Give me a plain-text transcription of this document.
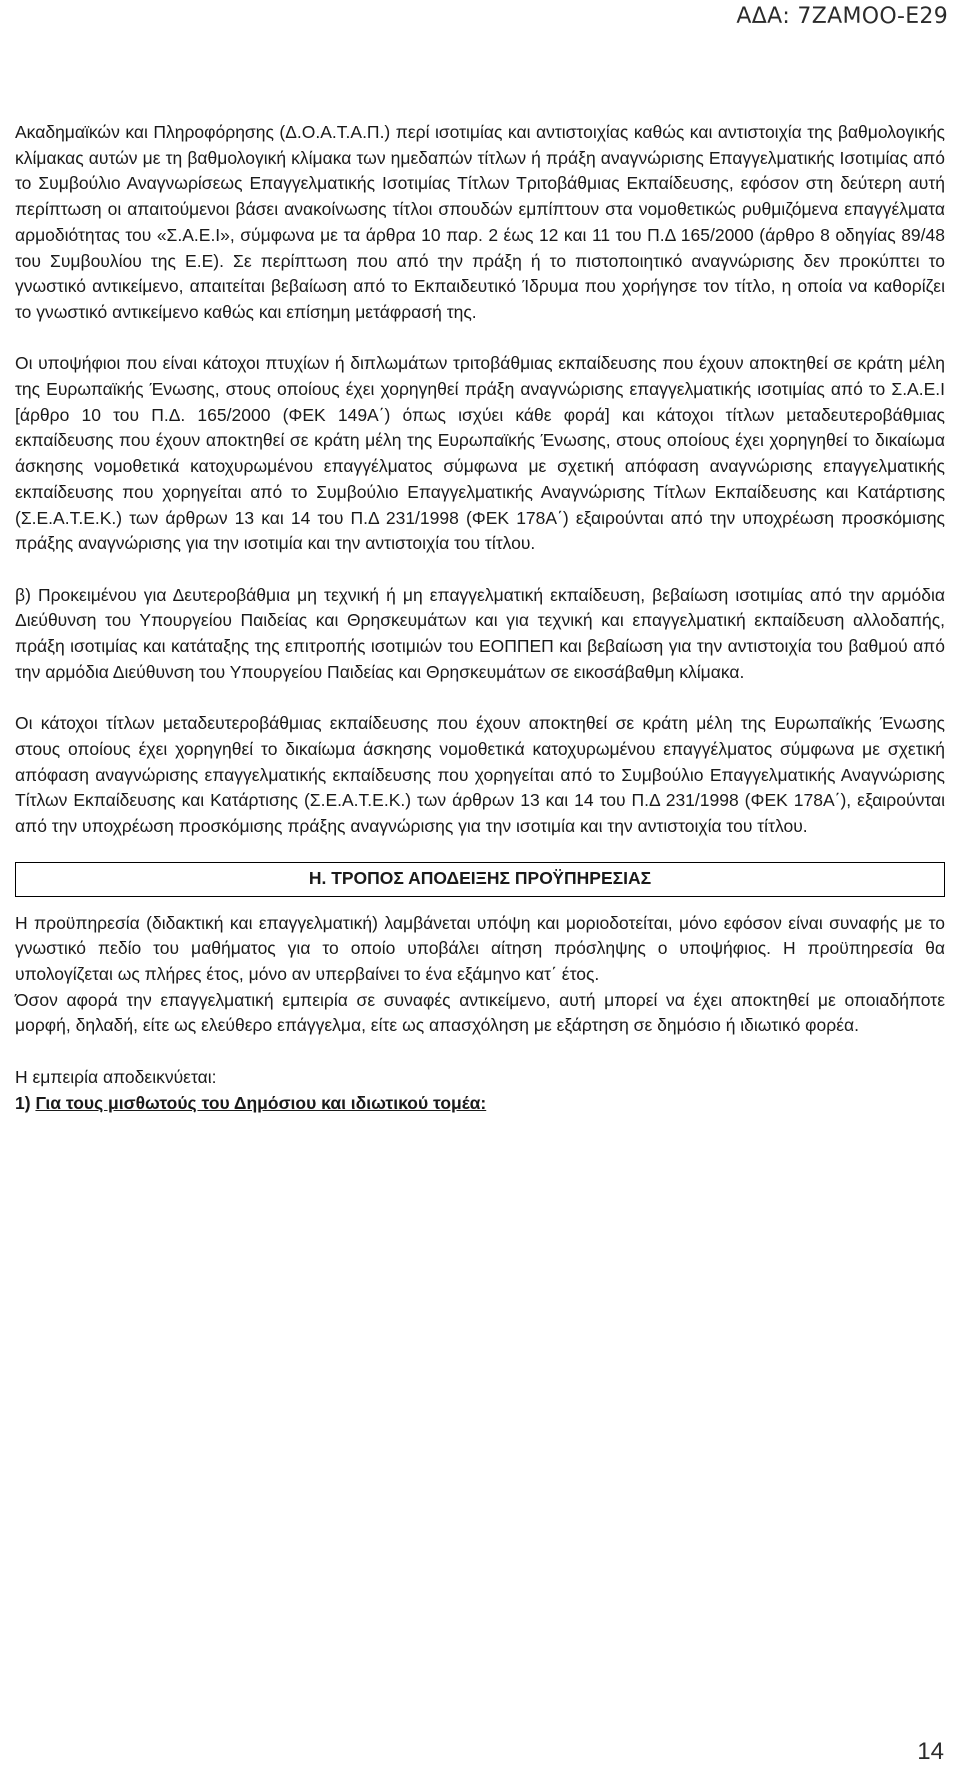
ΑΔΑ: 7ΖΑΜΟΟ-Ε29

Ακαδημαϊκών και Πληροφόρησης (Δ.Ο.Α.Τ.Α.Π.) περί ισοτιμίας και αντιστοιχίας καθώς και αντιστοιχία της βαθμολογικής κλίμακας αυτών με τη βαθμολογική κλίμακα των ημεδαπών τίτλων ή πράξη αναγνώρισης Επαγγελματικής Ισοτιμίας από το Συμβούλιο Αναγνωρίσεως Επαγγελματικής Ισοτιμίας Τίτλων Τριτοβάθμιας Εκπαίδευσης, εφόσον στη δεύτερη αυτή περίπτωση οι απαιτούμενοι βάσει ανακοίνωσης τίτλοι σπουδών εμπίπτουν στα νομοθετικώς ρυθμιζόμενα επαγγέλματα αρμοδιότητας του «Σ.Α.Ε.Ι», σύμφωνα με τα άρθρα 10 παρ. 2 έως 12 και 11 του Π.Δ 165/2000 (άρθρο 8 οδηγίας 89/48 του Συμβουλίου της Ε.Ε). Σε περίπτωση που από την πράξη ή το πιστοποιητικό αναγνώρισης δεν προκύπτει το γνωστικό αντικείμενο, απαιτείται βεβαίωση από το Εκπαιδευτικό Ίδρυμα που χορήγησε τον τίτλο, η οποία να καθορίζει το γνωστικό αντικείμενο καθώς και επίσημη μετάφρασή της.

Οι υποψήφιοι που είναι κάτοχοι πτυχίων ή διπλωμάτων τριτοβάθμιας εκπαίδευσης που έχουν αποκτηθεί σε κράτη μέλη της Ευρωπαϊκής Ένωσης, στους οποίους έχει χορηγηθεί πράξη αναγνώρισης επαγγελματικής ισοτιμίας από το Σ.Α.Ε.Ι [άρθρο 10 του Π.Δ. 165/2000 (ΦΕΚ 149Α΄) όπως ισχύει κάθε φορά] και κάτοχοι τίτλων μεταδευτεροβάθμιας εκπαίδευσης που έχουν αποκτηθεί σε κράτη μέλη της Ευρωπαϊκής Ένωσης, στους οποίους έχει χορηγηθεί το δικαίωμα άσκησης νομοθετικά κατοχυρωμένου επαγγέλματος σύμφωνα με σχετική απόφαση αναγνώρισης επαγγελματικής εκπαίδευσης που χορηγείται από το Συμβούλιο Επαγγελματικής Αναγνώρισης Τίτλων Εκπαίδευσης και Κατάρτισης (Σ.Ε.Α.Τ.Ε.Κ.) των άρθρων 13 και 14 του Π.Δ 231/1998 (ΦΕΚ 178Α΄) εξαιρούνται από την υποχρέωση προσκόμισης πράξης αναγνώρισης για την ισοτιμία και την αντιστοιχία του τίτλου.

β) Προκειμένου για Δευτεροβάθμια μη τεχνική ή μη επαγγελματική εκπαίδευση, βεβαίωση ισοτιμίας από την αρμόδια Διεύθυνση του Υπουργείου Παιδείας και Θρησκευμάτων και για τεχνική και επαγγελματική εκπαίδευση αλλοδαπής, πράξη ισοτιμίας και κατάταξης της επιτροπής ισοτιμιών του ΕΟΠΠΕΠ και βεβαίωση για την αντιστοιχία του βαθμού από την αρμόδια Διεύθυνση του Υπουργείου Παιδείας και Θρησκευμάτων σε εικοσάβαθμη κλίμακα.

Οι κάτοχοι τίτλων μεταδευτεροβάθμιας εκπαίδευσης που έχουν αποκτηθεί σε κράτη μέλη της Ευρωπαϊκής Ένωσης στους οποίους έχει χορηγηθεί το δικαίωμα άσκησης νομοθετικά κατοχυρωμένου επαγγέλματος σύμφωνα με σχετική απόφαση αναγνώρισης επαγγελματικής εκπαίδευσης που χορηγείται από το Συμβούλιο Επαγγελματικής Αναγνώρισης Τίτλων Εκπαίδευσης και Κατάρτισης (Σ.Ε.Α.Τ.Ε.Κ.) των άρθρων 13 και 14 του Π.Δ 231/1998 (ΦΕΚ 178Α΄), εξαιρούνται από την υποχρέωση προσκόμισης πράξης αναγνώρισης για την ισοτιμία και την αντιστοιχία του τίτλου.

Η. ΤΡΟΠΟΣ ΑΠΟΔΕΙΞΗΣ ΠΡΟΫΠΗΡΕΣΙΑΣ

Η προϋπηρεσία (διδακτική και επαγγελματική) λαμβάνεται υπόψη και μοριοδοτείται, μόνο εφόσον είναι συναφής με το γνωστικό πεδίο του μαθήματος για το οποίο υποβάλει αίτηση πρόσληψης ο υποψήφιος. Η προϋπηρεσία θα υπολογίζεται ως πλήρες έτος, μόνο αν υπερβαίνει το ένα εξάμηνο κατ΄ έτος.

Όσον αφορά την επαγγελματική εμπειρία σε συναφές αντικείμενο, αυτή μπορεί να έχει αποκτηθεί με οποιαδήποτε μορφή, δηλαδή, είτε ως ελεύθερο επάγγελμα, είτε ως απασχόληση με εξάρτηση σε δημόσιο ή ιδιωτικό φορέα.

Η εμπειρία αποδεικνύεται:

1) Για τους μισθωτούς του Δημόσιου και ιδιωτικού τομέα:

14
